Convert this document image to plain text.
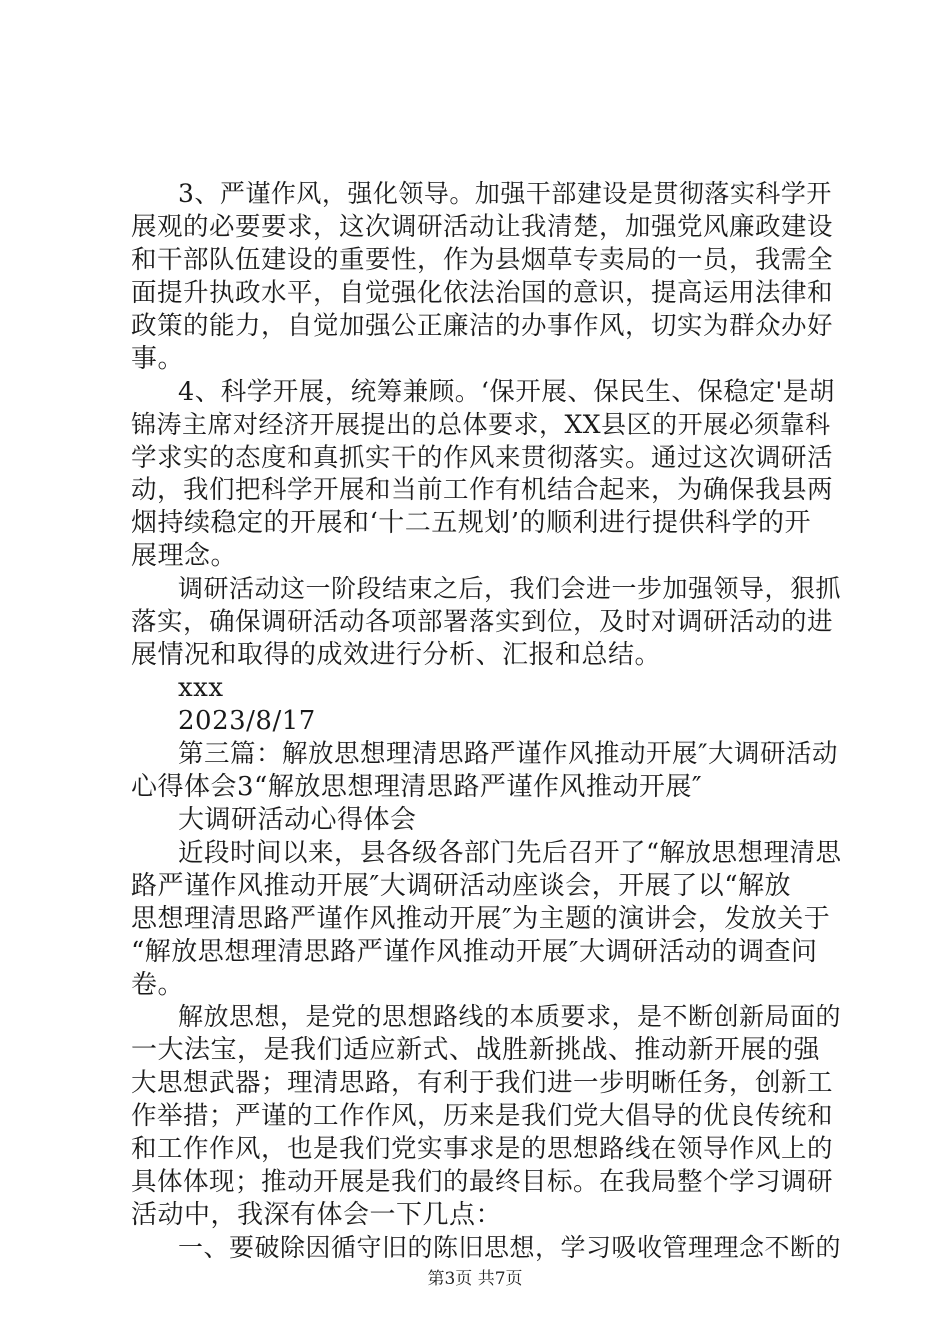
3、严谨作风，强化领导。加强干部建设是贯彻落实科学开
展观的必要要求，这次调研活动让我清楚，加强党风廉政建设
和干部队伍建设的重要性，作为县烟草专卖局的一员，我需全
面提升执政水平，自觉强化依法治国的意识，提高运用法律和
政策的能力，自觉加强公正廉洁的办事作风，切实为群众办好
事。
4、科学开展，统筹兼顾。‘保开展、保民生、保稳定'是胡
锦涛主席对经济开展提出的总体要求，XX县区的开展必须靠科
学求实的态度和真抓实干的作风来贯彻落实。通过这次调研活
动，我们把科学开展和当前工作有机结合起来，为确保我县两
烟持续稳定的开展和‘十二五规划’的顺利进行提供科学的开
展理念。
调研活动这一阶段结束之后，我们会进一步加强领导，狠抓
落实，确保调研活动各项部署落实到位，及时对调研活动的进
展情况和取得的成效进行分析、汇报和总结。
xxx
2023/8/17
第三篇：解放思想理清思路严谨作风推动开展″大调研活动
心得体会3“解放思想理清思路严谨作风推动开展″
大调研活动心得体会
近段时间以来，县各级各部门先后召开了“解放思想理清思
路严谨作风推动开展″大调研活动座谈会，开展了以“解放
思想理清思路严谨作风推动开展″为主题的演讲会，发放关于
“解放思想理清思路严谨作风推动开展″大调研活动的调查问
卷。
解放思想，是党的思想路线的本质要求，是不断创新局面的
一大法宝，是我们适应新式、战胜新挑战、推动新开展的强
大思想武器；理清思路，有利于我们进一步明晰任务，创新工
作举措；严谨的工作作风，历来是我们党大倡导的优良传统和
和工作作风，也是我们党实事求是的思想路线在领导作风上的
具体体现；推动开展是我们的最终目标。在我局整个学习调研
活动中，我深有体会一下几点：
一、要破除因循守旧的陈旧思想，学习吸收管理理念不断的
第3页 共7页
